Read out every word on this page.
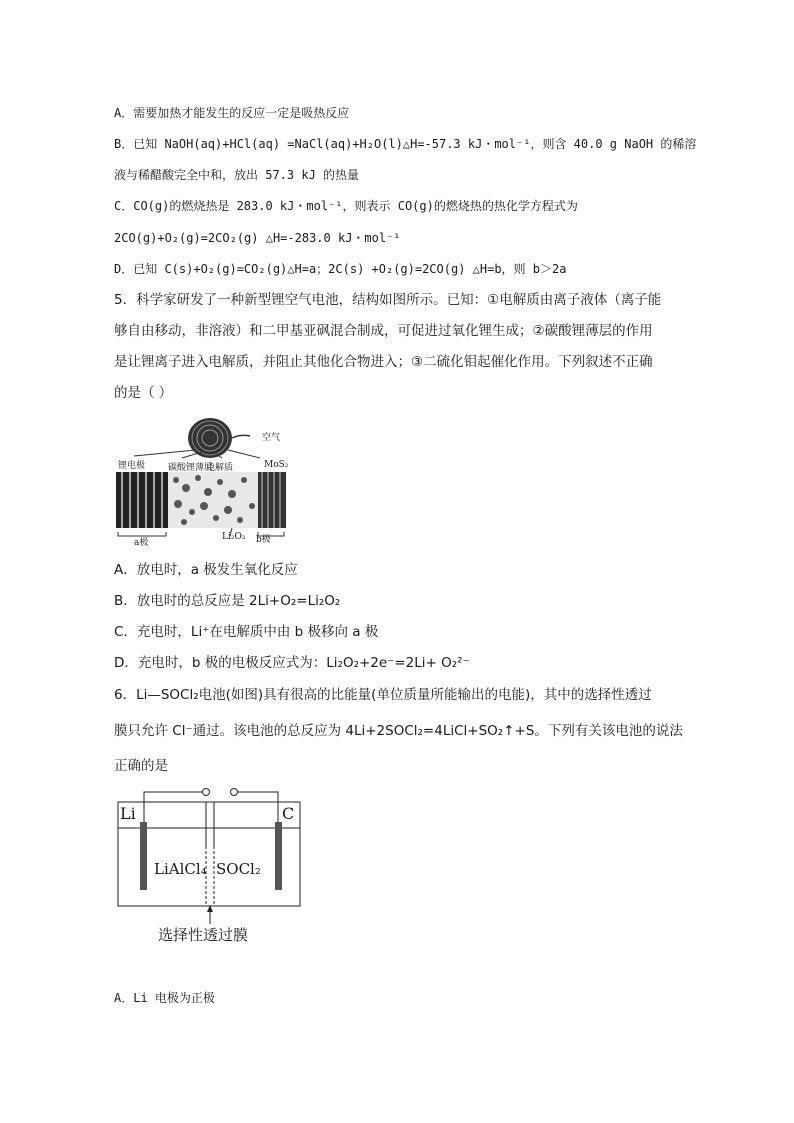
A．需要加热才能发生的反应一定是吸热反应
B．已知 NaOH(aq)+HCl(aq) =NaCl(aq)+H₂O(l)△H=-57.3 kJ・mol⁻¹，则含 40.0 g NaOH 的稀溶
液与稀醋酸完全中和，放出 57.3 kJ 的热量
C．CO(g)的燃烧热是 283.0 kJ・mol⁻¹，则表示 CO(g)的燃烧热的热化学方程式为
2CO(g)+O₂(g)=2CO₂(g) △H=-283.0 kJ・mol⁻¹
D．已知 C(s)+O₂(g)=CO₂(g)△H=a；2C(s) +O₂(g)=2CO(g) △H=b，则 b＞2a
5．科学家研发了一种新型锂空气电池，结构如图所示。已知：①电解质由离子液体（离子能
够自由移动，非溶液）和二甲基亚砜混合制成，可促进过氧化锂生成；②碳酸锂薄层的作用
是让锂离子进入电解质，并阻止其他化合物进入；③二硫化钼起催化作用。下列叙述不正确
的是（ ）
空气
锂电极	碳酸锂薄层
电解质	MoS₂
Li₂O₂
a极	b极
A．放电时，a 极发生氧化反应
B．放电时的总反应是 2Li+O₂=Li₂O₂
C．充电时，Li⁺在电解质中由 b 极移向 a 极
D．充电时，b 极的电极反应式为：Li₂O₂+2e⁻=2Li+ O₂²⁻
6．Li—SOCl₂电池(如图)具有很高的比能量(单位质量所能输出的电能)，其中的选择性透过
膜只允许 Cl⁻通过。该电池的总反应为 4Li+2SOCl₂=4LiCl+SO₂↑+S。下列有关该电池的说法
正确的是
Li	C
LiAlCl₄ SOCl₂
选择性透过膜
A．Li 电极为正极
